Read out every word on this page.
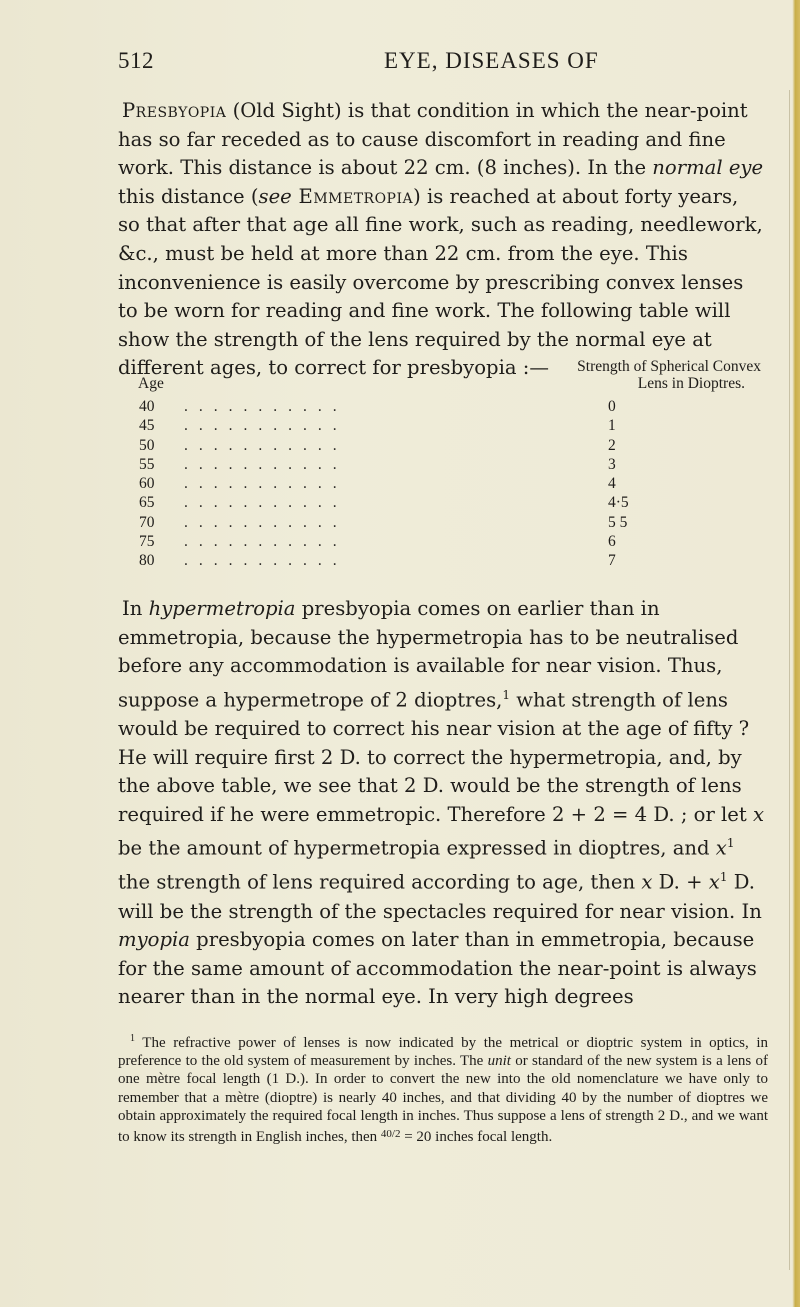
512	EYE, DISEASES OF
Presbyopia (Old Sight) is that condition in which the near-point has so far receded as to cause discomfort in reading and fine work. This distance is about 22 cm. (8 inches). In the normal eye this distance (see Emmetropia) is reached at about forty years, so that after that age all fine work, such as reading, needlework, &c., must be held at more than 22 cm. from the eye. This inconvenience is easily overcome by prescribing convex lenses to be worn for reading and fine work. The following table will show the strength of the lens required by the normal eye at different ages, to correct for presbyopia :—
Age
Strength of Spherical Convex
Lens in Dioptres.
40 ...........	0
45 ...........	1
50 ...........	2
55 ...........	3
60 ...........	4
65 ...........	4·5
70 ...........	5 5
75 ...........	6
80 ...........	7
In hypermetropia presbyopia comes on earlier than in emmetropia, because the hypermetropia has to be neutralised before any accommodation is available for near vision. Thus, suppose a hypermetrope of 2 dioptres,$^1$ what strength of lens would be required to correct his near vision at the age of fifty ? He will require first 2 D. to correct the hypermetropia, and, by the above table, we see that 2 D. would be the strength of lens required if he were emmetropic. Therefore 2 + 2 = 4 D. ; or let x be the amount of hypermetropia expressed in dioptres, and $x^1$ the strength of lens required according to age, then x D. + $x^1$ D. will be the strength of the spectacles required for near vision. In myopia presbyopia comes on later than in emmetropia, because for the same amount of accommodation the near-point is always nearer than in the normal eye. In very high degrees
$^1$ The refractive power of lenses is now indicated by the metrical or dioptric system in optics, in preference to the old system of measurement by inches. The unit or standard of the new system is a lens of one mètre focal length (1 D.). In order to convert the new into the old nomenclature we have only to remember that a mètre (dioptre) is nearly 40 inches, and that dividing 40 by the number of dioptres we obtain approximately the required focal length in inches. Thus suppose a lens of strength 2 D., and we want to know its strength in English inches, then $^{40/2}$ = 20 inches focal length.
